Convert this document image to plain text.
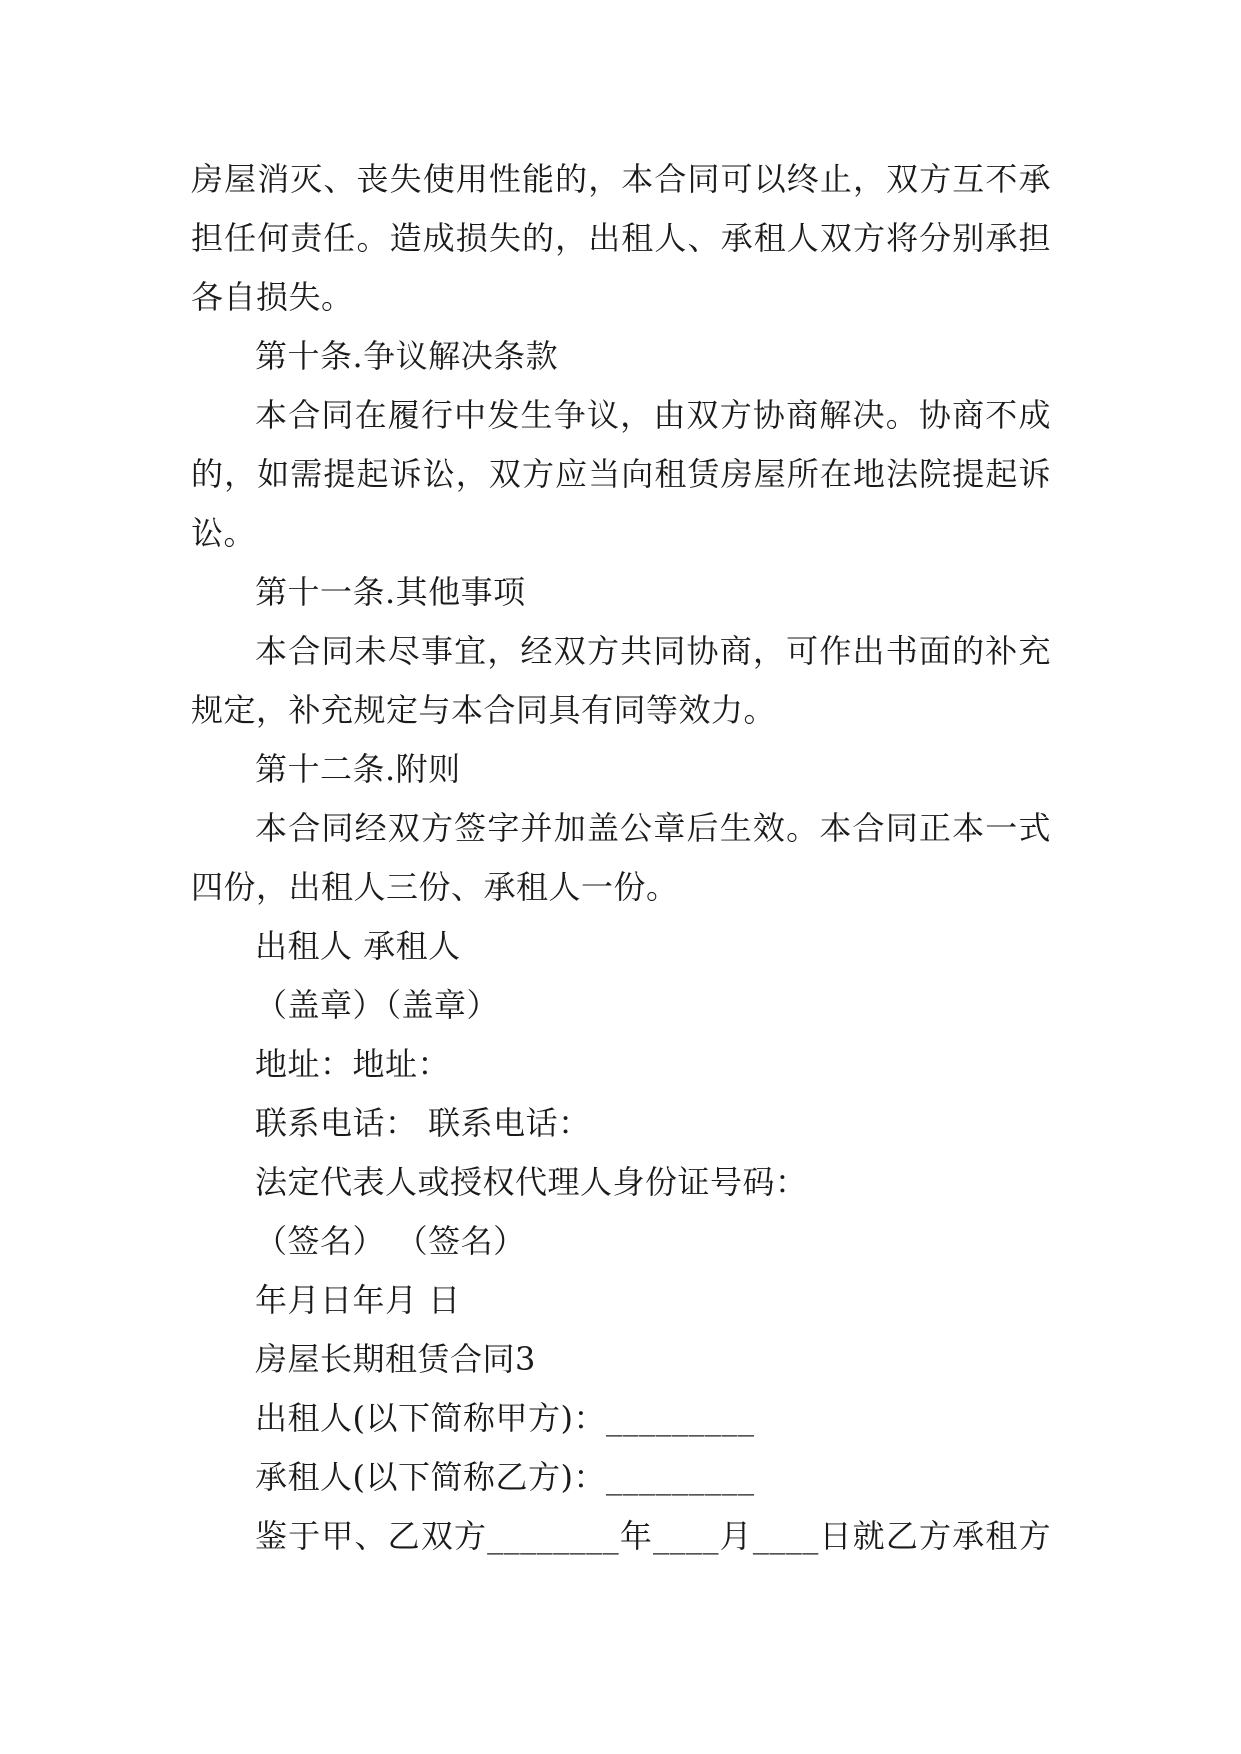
房屋消灭、丧失使用性能的，本合同可以终止，双方互不承
担任何责任。造成损失的，出租人、承租人双方将分别承担
各自损失。
第十条.争议解决条款
本合同在履行中发生争议，由双方协商解决。协商不成
的，如需提起诉讼，双方应当向租赁房屋所在地法院提起诉
讼。
第十一条.其他事项
本合同未尽事宜，经双方共同协商，可作出书面的补充
规定，补充规定与本合同具有同等效力。
第十二条.附则
本合同经双方签字并加盖公章后生效。本合同正本一式
四份，出租人三份、承租人一份。
出租人 承租人
（盖章）（盖章）
地址：地址：
联系电话： 联系电话：
法定代表人或授权代理人身份证号码：
（签名） （签名）
年月日年月 日
房屋长期租赁合同3
出租人(以下简称甲方)：_________
承租人(以下简称乙方)：_________
鉴于甲、乙双方________年____月____日就乙方承租方
